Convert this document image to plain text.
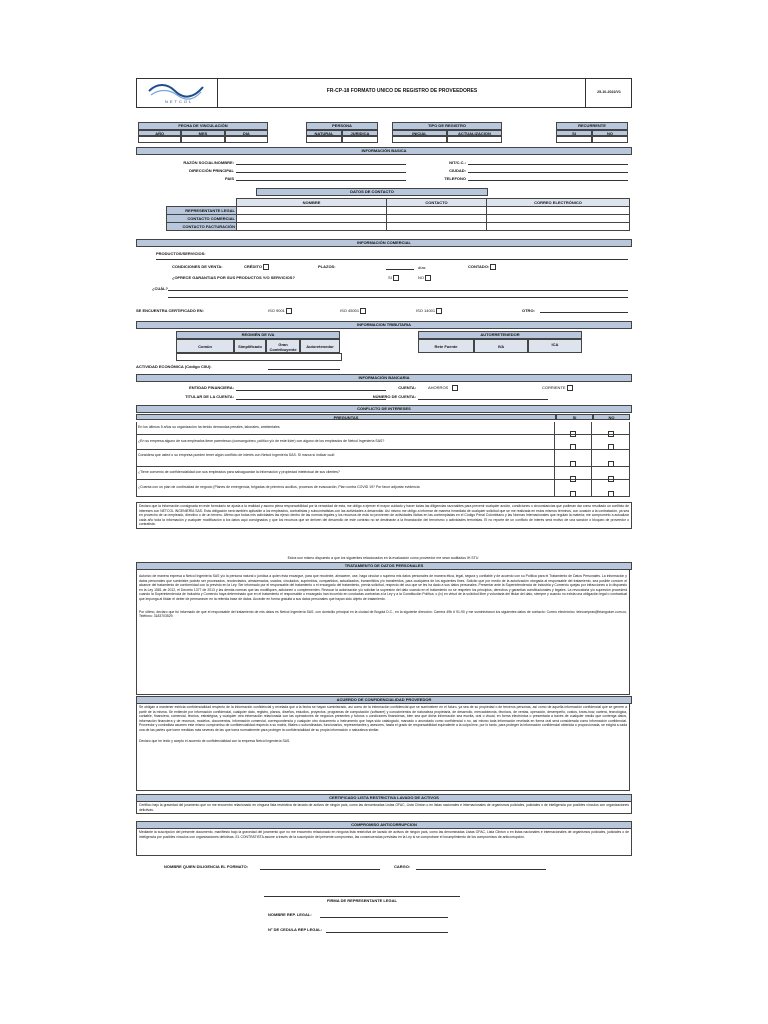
NETCOL
FR-CP-18 FORMATO UNICO DE REGISTRO DE PROVEEDORES	25-10-2022/V1
FECHA DE VINCULACIÓN
AÑO	MES	DIA
PERSONA
NATURAL	JURIDICA
TIPO DE REGISTRO
INICIAL	ACTUALIZACION
RECURRENTE
SI	NO
INFORMACIÓN BASICA
RAZÓN SOCIAL/NOMBRE:
DIRECCIÓN PRINCIPAL
PAIS
NIT/C.C.:
CIUDAD:
TELEFONO
DATOS DE CONTACTO
	NOMBRE	CONTACTO	CORREO ELECTRÓNICO
REPRESENTANTE LEGAL			
CONTACTO COMERCIAL			
CONTACTO FACTURACIÓN			
INFORMACIÓN COMERCIAL
PRODUCTOS/SERVICIOS:
CONDICIONES DE VENTA:	CRÉDITO	PLAZOS:	días	CONTADO:
¿OFRECE GARANTIAS POR SUS PRODUCTOS Y/O SERVICIOS?	SI	NO
¿CUÁL?
SE ENCUENTRA CERTIFICADO EN:	ISO 9001	ISO 45001	ISO 14001	OTRO:
INFORMACION TRIBUTARIA
REGIMÉN DE IVA
Comün	Simplificado	Gran Contribuyente
Autoretenedor
AUTORRETENEDOR
Rete Fuente	IVA	ICA
ACTIVIDAD ECONÓMICA (Código CIIU):
INFORMACIÓN BANCARIA
ENTIDAD FINANCIERA:
TITULAR DE LA CUENTA:
CUENTA:	AHORROS	CORRIENTE
NÚMERO DE CUENTA:
CONFLICTO DE INTERESES
PREGUNTAS	SI	NO
En los últimos 5 años su organización ha tenido demandas penales, laborales, ambientales
¿En su empresa alguno de sus empleados tiene parentesco (consanguíneo, político y/o de este líder) con alguno de los empleados de Netcol Ingeniería SAS?
Considera que usted o su empresa pueden tener algún conflicto de interés con Netcol Ingeniería SAS. Si marca sí indicar cuál:
¿Tiene convenio de confidencialidad con sus empleados para salvaguardar la información y propiedad intelectual de sus clientes?
¿Cuenta con un plan de continuidad de negocio (Planes de emergencia, brigadas de primeros auxilios, procesos de evacuación, Plan contra COVID 19? Por favor adjuntar evidencia
Declaro que la información consignada en este formulario se ajusta a la realidad y asumo plena responsabilidad por la veracidad de esta, me obligo a ejercer el mayor cuidado y hacer todas las diligencias razonables para prevenir cualquier acción, condiciones o circunstancias que pudieran dar como resultado un conflicto de intereses con NETCOL INGENIERÍA SAS. Esta obligación será también aplicable a los empleados, contratistas y subcontratistas con las actividades a desarrollar. Así mismo me obligo a informar de manera inmediata de cualquier solicitud que se me realizada en estos mismos términos, con ocasión a la contratación, ya sea en provecho de un empleado, directivo o de un tercero. Afirmo que todas mis actividades las ejerzo dentro de las normas legales y los recursos de esta no provienen de actividades ilícitas en las contempladas en el Código Penal Colombiano y las Normas Internacionales que regulan la materia; me comprometo a actualizar cada año toda la información y cualquier modificación a los datos aquí consignados y que los recursos que se deriven del desarrollo de este contrato no se destinarán a la financiación del terrorismo o actividades terroristas. El no reporte de un conflicto de interés será motivo de una sanción o bloqueo de proveedor o contratista.
Estos son mismo dispuesto a que los siguientes relacionados en la evaluación como proveedor me sean auditados IH STU
TRATAMIENTO DE DATOS PERSONALES
Autorizo de manera expresa a Netcol Ingeniería SAS y/o la persona natural o jurídica a quien ésta encargue, para que recolecte, almacene, use, haga circular o suprima mis datos personales de manera ética, legal, segura y confiable y de acuerdo con su Política para el Tratamiento de Datos Personales. La información y datos personales que suministre podrán ser procesados, recolectados, almacenados, usados, circulados, suprimidos, compartidos, actualizados, transmitidos y/o transferidos, para cualquiera de los siguientes fines. Solicito que por medio de la autorización otorgada al responsable del tratamiento, sea posible conocer el alcance del tratamiento de conformidad con la previsto en la Ley. Ser informado por el responsable del tratamiento o el encargado del tratamiento, previa solicitud, respecto del uso que se les ha dado a sus datos personales. Presentar ante la Superintendencia de Industria y Comercio quejas por infracciones a lo dispuesto en la Ley 1581 de 2012, el Decreto 1377 de 2013 y las demás normas que las modifiquen, adicionen o complementen. Revocar la autorización y/o solicitar la supresión del dato cuando en el tratamiento no se respeten los principios, derechos y garantías constitucionales y legales. La revocatoria y/o supresión procederá cuando la Superintendencia de Industria y Comercio haya determinado que en el tratamiento el responsable o encargado han incurrido en conductas contrarias a la Ley y a la Constitución Política, o (iv) en virtud de la solicitud libre y voluntaria del titular del dato, siempre y cuando no exista una obligación legal o contractual que imponga al titular el deber de permanecer en la referida base de datos. Acceder en forma gratuita a sus datos personales que hayan sido objeto de tratamiento.
Por último, declaro que fui informado de que el responsable del tratamiento de mis datos es Netcol Ingeniería SAS, con domicilio principal en la ciudad de Bogotá D.C., en la siguiente dirección: Carrera 49b # 91-90 y me suministraron los siguientes datos de contacto: Correo electrónico: telecompras@triangulum.com.co, Teléfono: 3183703529.
ACUERDO DE CONFIDENCIALIDAD PROVEEDOR
Se obligan a mantener estricta confidencialidad respecto de la información confidencial y revelada que a la fecha se hayan suministrado, así como de la información confidencial que se suministren en el futuro, ya sea de su propiedad o de terceros personas, así como de aquella información confidencial que se genere a partir de la misma. Se entiende por información confidencial, cualquier dato, registro, planos, diseños, estudios, proyectos, programas de computación (software) y conocimientos de naturaleza propietaria, de desarrollo, mercadotecnia, técnicos, de ventas, operación, desempeño, costos, know-how, cartera, tecnológica, contable, financiera, comercial, técnica, estratégica, y cualquier otra información relacionada con las operaciones de negocios presentes y futuros o condiciones financieras, bien sea que dicha información sea escrita, oral o visual, en forma electrónica o presentada a través de cualquier medio que contenga datos, información financiera y de recursos, modelos, documentos, información comercial, correspondencia y cualquier otro documento o instrumento que haya sido catalogado, marcado o anunciado como confidencial o no, así mismo toda información revelada en forma oral será considerada como información confidencial. Proveedor y contratista asumen este mismo compromiso de confidencialidad respecto a su matriz, filiales o subordinadas, funcionarios, representantes y asesores, hasta el grado de responsabilidad equivalente a la culpa leve, por lo tanto, para proteger la información confidencial obtenida o proporcionada, se exigirá a cada una de las partes que tome medidas más severas de las que toma normalmente para proteger la confidencialidad de su propia información o naturaleza similar.
Declaro que he leído y acepto el acuerdo de confidencialidad con la empresa Netcol Ingeniería SAS.
CERTIFICADO LISTA RESTRICTIVA LAVADO DE ACTIVOS
Certifico bajo la gravedad del juramento que no me encuentro relacionado en ninguna lista restrictiva de lavado de activos de ningún país, como las denominadas Listas OFAC, Lista Clinton o en listas nacionales e internacionales de organismos policiales, judiciales o de inteligencia por posibles vínculos con organizaciones delictivas.
COMPROMISO ANTICORRUPCION
Mediante la suscripción del presente documento, manifiesto bajo la gravedad del juramento que no me encuentro relacionado en ninguna lista restrictiva de lavado de activos de ningún país, como las denominadas Listas OFAC, Lista Clinton o en listas nacionales e internacionales de organismos policiales, judiciales o de inteligencia por posibles vínculos con organizaciones delictivas. EL CONTRATISTA asume a través de la suscripción del presente compromiso, las consecuencias previstas en la Ley si se comprobare el incumplimiento de los compromisos de anticorrupción.
NOMBRE QUIEN DILIGENCIA EL FORMATO:	CARGO:
FIRMA DE REPRESENTANTE LEGAL
NOMBRE REP. LEGAL:
N° DE CEDULA REP LEGAL:
